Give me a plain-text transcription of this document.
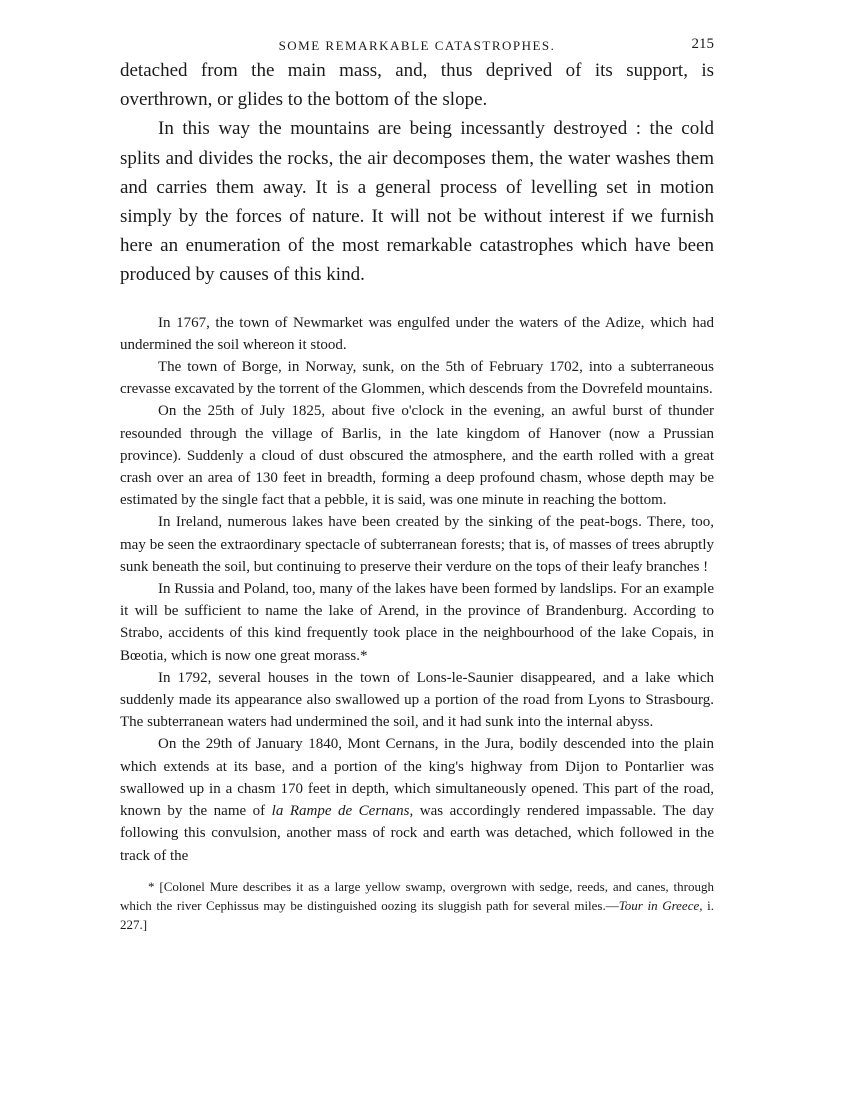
SOME REMARKABLE CATASTROPHES.	215

detached from the main mass, and, thus deprived of its support, is overthrown, or glides to the bottom of the slope.

In this way the mountains are being incessantly destroyed : the cold splits and divides the rocks, the air decomposes them, the water washes them and carries them away. It is a general process of levelling set in motion simply by the forces of nature. It will not be without interest if we furnish here an enumeration of the most remarkable catastrophes which have been produced by causes of this kind.

In 1767, the town of Newmarket was engulfed under the waters of the Adize, which had undermined the soil whereon it stood.

The town of Borge, in Norway, sunk, on the 5th of February 1702, into a subterraneous crevasse excavated by the torrent of the Glommen, which descends from the Dovrefeld mountains.

On the 25th of July 1825, about five o'clock in the evening, an awful burst of thunder resounded through the village of Barlis, in the late kingdom of Hanover (now a Prussian province). Suddenly a cloud of dust obscured the atmosphere, and the earth rolled with a great crash over an area of 130 feet in breadth, forming a deep profound chasm, whose depth may be estimated by the single fact that a pebble, it is said, was one minute in reaching the bottom.

In Ireland, numerous lakes have been created by the sinking of the peat-bogs. There, too, may be seen the extraordinary spectacle of subterranean forests; that is, of masses of trees abruptly sunk beneath the soil, but continuing to preserve their verdure on the tops of their leafy branches !

In Russia and Poland, too, many of the lakes have been formed by landslips. For an example it will be sufficient to name the lake of Arend, in the province of Brandenburg. According to Strabo, accidents of this kind frequently took place in the neighbourhood of the lake Copais, in Bœotia, which is now one great morass.*

In 1792, several houses in the town of Lons-le-Saunier disappeared, and a lake which suddenly made its appearance also swallowed up a portion of the road from Lyons to Strasbourg. The subterranean waters had undermined the soil, and it had sunk into the internal abyss.

On the 29th of January 1840, Mont Cernans, in the Jura, bodily descended into the plain which extends at its base, and a portion of the king's highway from Dijon to Pontarlier was swallowed up in a chasm 170 feet in depth, which simultaneously opened. This part of the road, known by the name of la Rampe de Cernans, was accordingly rendered impassable. The day following this convulsion, another mass of rock and earth was detached, which followed in the track of the

* [Colonel Mure describes it as a large yellow swamp, overgrown with sedge, reeds, and canes, through which the river Cephissus may be distinguished oozing its sluggish path for several miles.—Tour in Greece, i. 227.]
